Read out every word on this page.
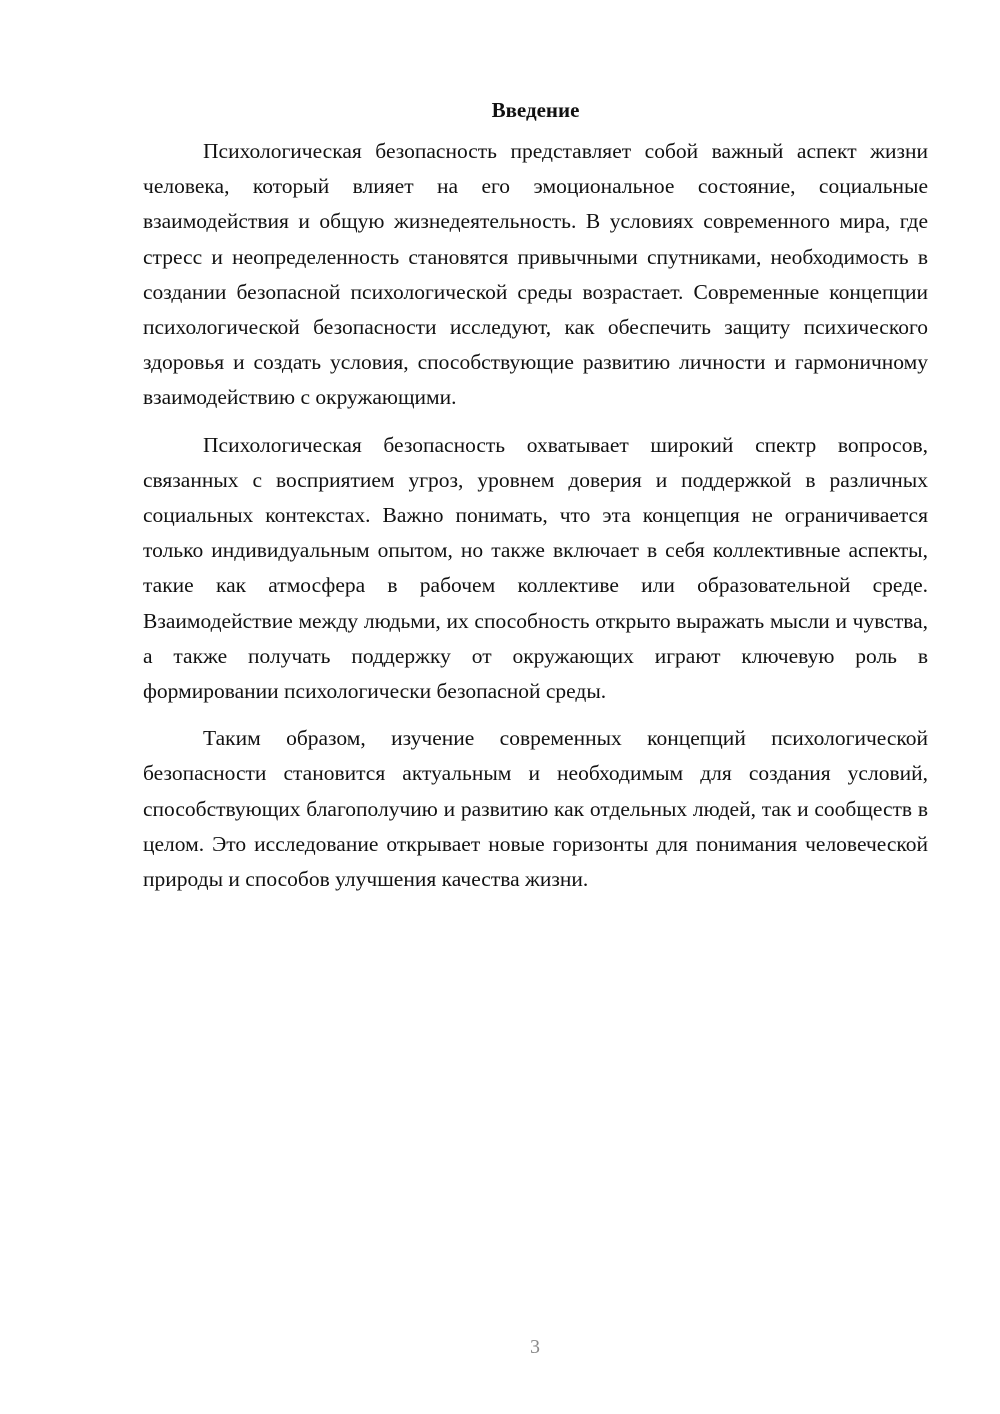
Введение

Психологическая безопасность представляет собой важный аспект жизни человека, который влияет на его эмоциональное состояние, социальные взаимодействия и общую жизнедеятельность. В условиях современного мира, где стресс и неопределенность становятся привычными спутниками, необходимость в создании безопасной психологической среды возрастает. Современные концепции психологической безопасности исследуют, как обеспечить защиту психического здоровья и создать условия, способствующие развитию личности и гармоничному взаимодействию с окружающими.

Психологическая безопасность охватывает широкий спектр вопросов, связанных с восприятием угроз, уровнем доверия и поддержкой в различных социальных контекстах. Важно понимать, что эта концепция не ограничивается только индивидуальным опытом, но также включает в себя коллективные аспекты, такие как атмосфера в рабочем коллективе или образовательной среде. Взаимодействие между людьми, их способность открыто выражать мысли и чувства, а также получать поддержку от окружающих играют ключевую роль в формировании психологически безопасной среды.

Таким образом, изучение современных концепций психологической безопасности становится актуальным и необходимым для создания условий, способствующих благополучию и развитию как отдельных людей, так и сообществ в целом. Это исследование открывает новые горизонты для понимания человеческой природы и способов улучшения качества жизни.

3
